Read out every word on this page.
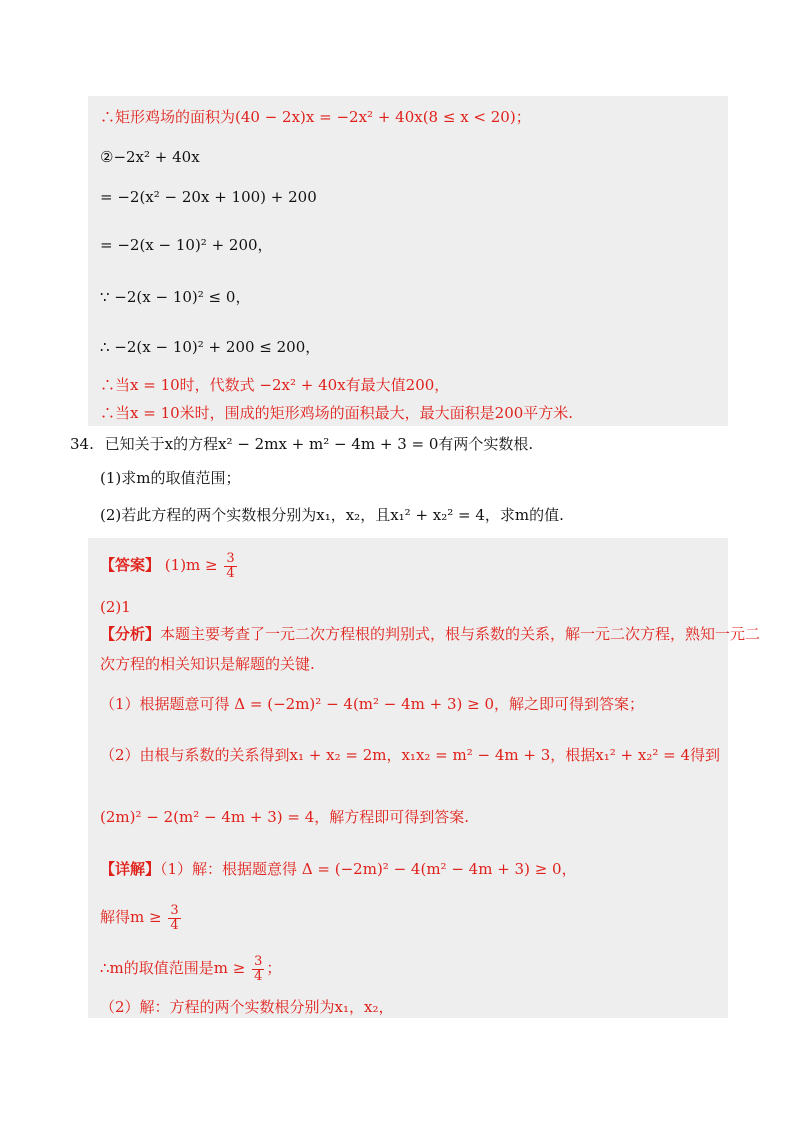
∴矩形鸡场的面积为(40 − 2x)x = −2x² + 40x(8 ≤ x < 20)；
②−2x² + 40x
= −2(x² − 20x + 100) + 200
= −2(x − 10)² + 200，
∵ −2(x − 10)² ≤ 0，
∴ −2(x − 10)² + 200 ≤ 200，
∴当x = 10时，代数式 −2x² + 40x有最大值200，
∴当x = 10米时，围成的矩形鸡场的面积最大，最大面积是200平方米.
34. 已知关于x的方程x² − 2mx + m² − 4m + 3 = 0有两个实数根.
(1)求m的取值范围；
(2)若此方程的两个实数根分别为x₁，x₂，且x₁² + x₂² = 4，求m的值.
【答案】 $(1)m \ge \frac{3}{4}$
(2)1
【分析】本题主要考查了一元二次方程根的判别式，根与系数的关系，解一元二次方程，熟知一元二
次方程的相关知识是解题的关键.
（1）根据题意可得 Δ = (−2m)² − 4(m² − 4m + 3) ≥ 0，解之即可得到答案；
（2）由根与系数的关系得到x₁ + x₂ = 2m，x₁x₂ = m² − 4m + 3，根据x₁² + x₂² = 4得到
(2m)² − 2(m² − 4m + 3) = 4，解方程即可得到答案.
【详解】（1）解：根据题意得 Δ = (−2m)² − 4(m² − 4m + 3) ≥ 0，
解得$m \ge \frac{3}{4}$
∴m的取值范围是$m \ge \frac{3}{4}$ ；
（2）解：方程的两个实数根分别为x₁，x₂，
